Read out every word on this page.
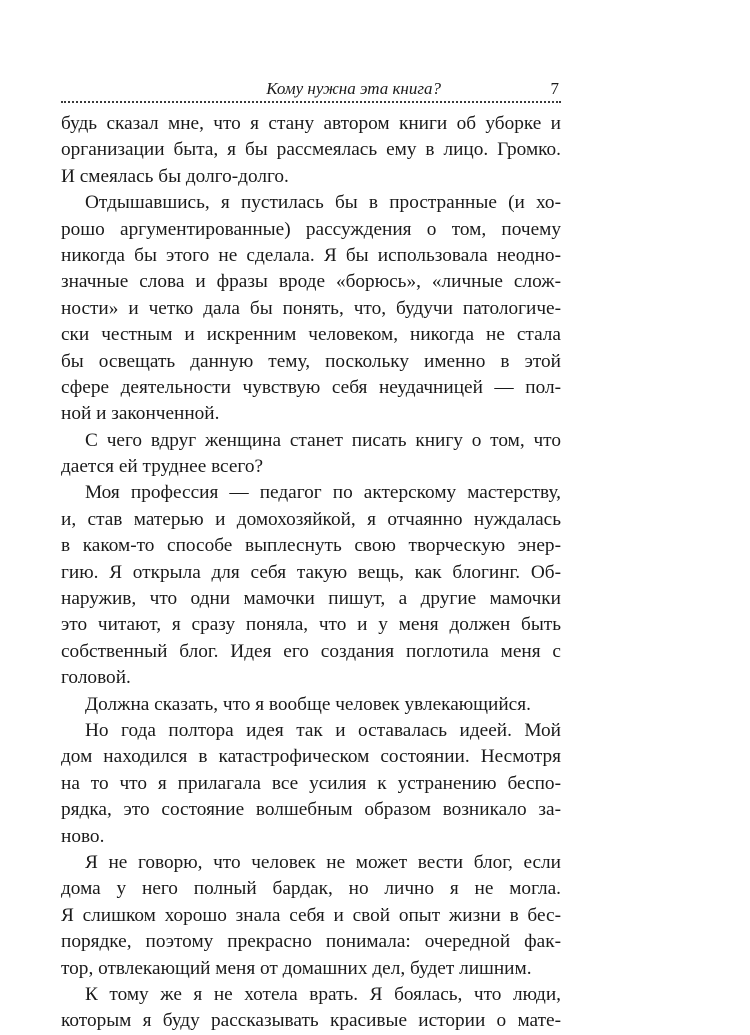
Кому нужна эта книга?	7
будь сказал мне, что я стану автором книги об уборке и
организации быта, я бы рассмеялась ему в лицо. Громко.
И смеялась бы долго-долго.
Отдышавшись, я пустилась бы в пространные (и хо-
рошо аргументированные) рассуждения о том, почему
никогда бы этого не сделала. Я бы использовала неодно-
значные слова и фразы вроде «борюсь», «личные слож-
ности» и четко дала бы понять, что, будучи патологиче-
ски честным и искренним человеком, никогда не стала
бы освещать данную тему, поскольку именно в этой
сфере деятельности чувствую себя неудачницей — пол-
ной и законченной.
С чего вдруг женщина станет писать книгу о том, что
дается ей труднее всего?
Моя профессия — педагог по актерскому мастерству,
и, став матерью и домохозяйкой, я отчаянно нуждалась
в каком-то способе выплеснуть свою творческую энер-
гию. Я открыла для себя такую вещь, как блогинг. Об-
наружив, что одни мамочки пишут, а другие мамочки
это читают, я сразу поняла, что и у меня должен быть
собственный блог. Идея его создания поглотила меня с
головой.
Должна сказать, что я вообще человек увлекающийся.
Но года полтора идея так и оставалась идеей. Мой
дом находился в катастрофическом состоянии. Несмотря
на то что я прилагала все усилия к устранению беспо-
рядка, это состояние волшебным образом возникало за-
ново.
Я не говорю, что человек не может вести блог, если
дома у него полный бардак, но лично я не могла.
Я слишком хорошо знала себя и свой опыт жизни в бес-
порядке, поэтому прекрасно понимала: очередной фак-
тор, отвлекающий меня от домашних дел, будет лишним.
К тому же я не хотела врать. Я боялась, что люди,
которым я буду рассказывать красивые истории о мате-
